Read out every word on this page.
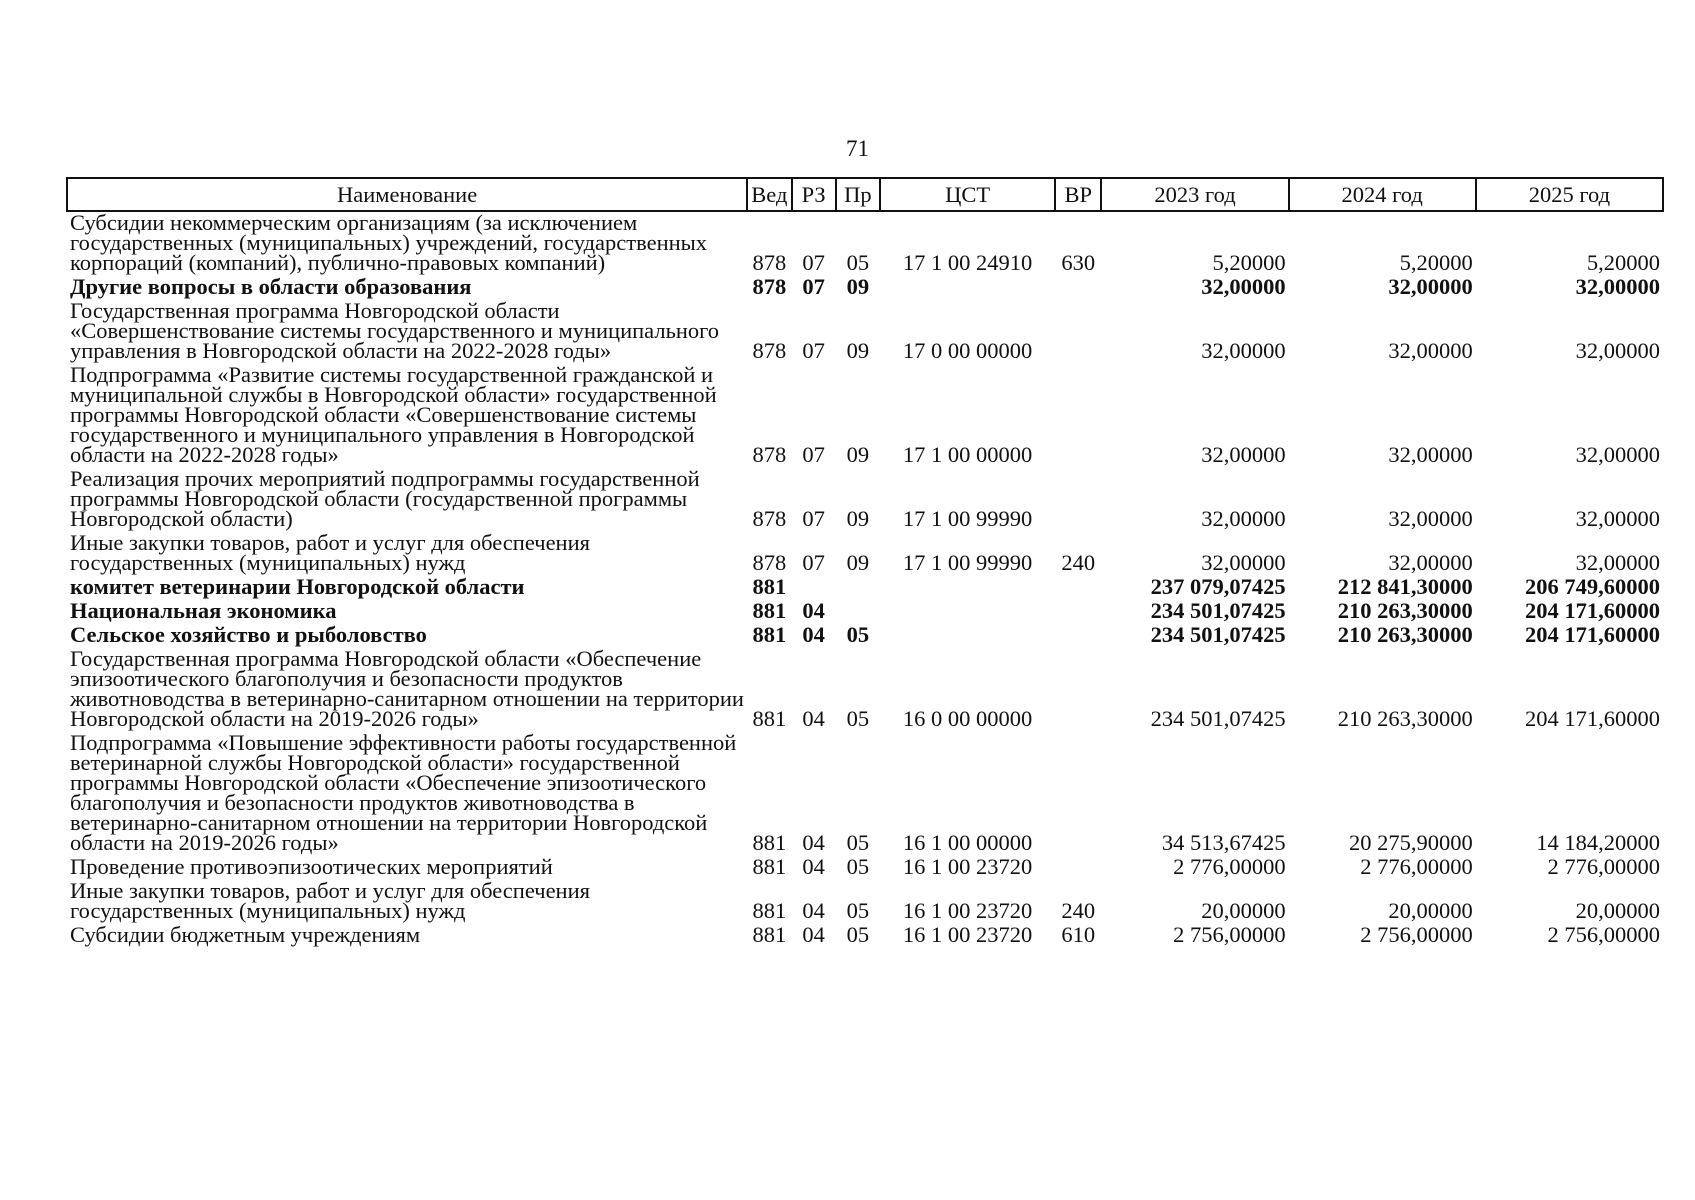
71
Наименование	Вед	РЗ	Пр	ЦСТ	ВР	2023 год	2024 год	2025 год
Субсидии некоммерческим организациям (за исключением государственных (муниципальных) учреждений, государственных корпораций (компаний), публично-правовых компаний)	878	07	05	17 1 00 24910	630	5,20000	5,20000	5,20000
Другие вопросы в области образования	878	07	09			32,00000	32,00000	32,00000
Государственная программа Новгородской области «Совершенствование системы государственного и муниципального управления в Новгородской области на 2022-2028 годы»	878	07	09	17 0 00 00000		32,00000	32,00000	32,00000
Подпрограмма «Развитие системы государственной гражданской и муниципальной службы в Новгородской области» государственной программы Новгородской области «Совершенствование системы государственного и муниципального управления в Новгородской области на 2022-2028 годы»	878	07	09	17 1 00 00000		32,00000	32,00000	32,00000
Реализация прочих мероприятий подпрограммы государственной программы Новгородской области (государственной программы Новгородской области)	878	07	09	17 1 00 99990		32,00000	32,00000	32,00000
Иные закупки товаров, работ и услуг для обеспечения государственных (муниципальных) нужд	878	07	09	17 1 00 99990	240	32,00000	32,00000	32,00000
комитет ветеринарии Новгородской области	881					237 079,07425	212 841,30000	206 749,60000
Национальная экономика	881	04				234 501,07425	210 263,30000	204 171,60000
Сельское хозяйство и рыболовство	881	04	05			234 501,07425	210 263,30000	204 171,60000
Государственная программа Новгородской области «Обеспечение эпизоотического благополучия и безопасности продуктов животноводства в ветеринарно-санитарном отношении на территории Новгородской области на 2019-2026 годы»	881	04	05	16 0 00 00000		234 501,07425	210 263,30000	204 171,60000
Подпрограмма «Повышение эффективности работы государственной ветеринарной службы Новгородской области» государственной программы Новгородской области «Обеспечение эпизоотического благополучия и безопасности продуктов животноводства в ветеринарно-санитарном отношении на территории Новгородской области на 2019-2026 годы»	881	04	05	16 1 00 00000		34 513,67425	20 275,90000	14 184,20000
Проведение противоэпизоотических мероприятий	881	04	05	16 1 00 23720		2 776,00000	2 776,00000	2 776,00000
Иные закупки товаров, работ и услуг для обеспечения государственных (муниципальных) нужд	881	04	05	16 1 00 23720	240	20,00000	20,00000	20,00000
Субсидии бюджетным учреждениям	881	04	05	16 1 00 23720	610	2 756,00000	2 756,00000	2 756,00000
